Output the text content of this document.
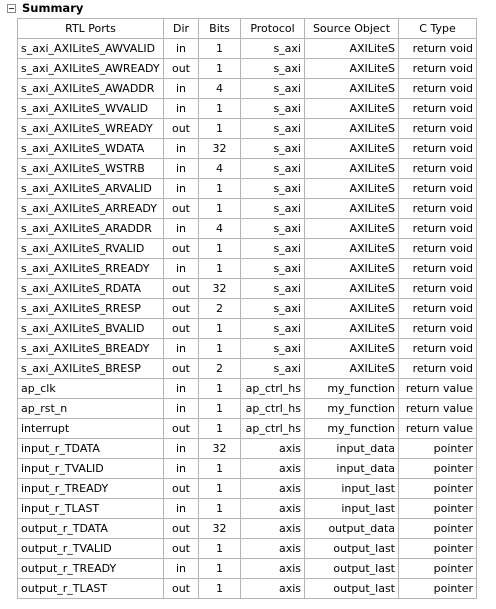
Summary
RTL Ports	Dir	Bits	Protocol	Source Object	C Type
s_axi_AXILiteS_AWVALID	in	1	s_axi	AXILiteS	return void
s_axi_AXILiteS_AWREADY	out	1	s_axi	AXILiteS	return void
s_axi_AXILiteS_AWADDR	in	4	s_axi	AXILiteS	return void
s_axi_AXILiteS_WVALID	in	1	s_axi	AXILiteS	return void
s_axi_AXILiteS_WREADY	out	1	s_axi	AXILiteS	return void
s_axi_AXILiteS_WDATA	in	32	s_axi	AXILiteS	return void
s_axi_AXILiteS_WSTRB	in	4	s_axi	AXILiteS	return void
s_axi_AXILiteS_ARVALID	in	1	s_axi	AXILiteS	return void
s_axi_AXILiteS_ARREADY	out	1	s_axi	AXILiteS	return void
s_axi_AXILiteS_ARADDR	in	4	s_axi	AXILiteS	return void
s_axi_AXILiteS_RVALID	out	1	s_axi	AXILiteS	return void
s_axi_AXILiteS_RREADY	in	1	s_axi	AXILiteS	return void
s_axi_AXILiteS_RDATA	out	32	s_axi	AXILiteS	return void
s_axi_AXILiteS_RRESP	out	2	s_axi	AXILiteS	return void
s_axi_AXILiteS_BVALID	out	1	s_axi	AXILiteS	return void
s_axi_AXILiteS_BREADY	in	1	s_axi	AXILiteS	return void
s_axi_AXILiteS_BRESP	out	2	s_axi	AXILiteS	return void
ap_clk	in	1	ap_ctrl_hs	my_function	return value
ap_rst_n	in	1	ap_ctrl_hs	my_function	return value
interrupt	out	1	ap_ctrl_hs	my_function	return value
input_r_TDATA	in	32	axis	input_data	pointer
input_r_TVALID	in	1	axis	input_data	pointer
input_r_TREADY	out	1	axis	input_last	pointer
input_r_TLAST	in	1	axis	input_last	pointer
output_r_TDATA	out	32	axis	output_data	pointer
output_r_TVALID	out	1	axis	output_last	pointer
output_r_TREADY	in	1	axis	output_last	pointer
output_r_TLAST	out	1	axis	output_last	pointer
